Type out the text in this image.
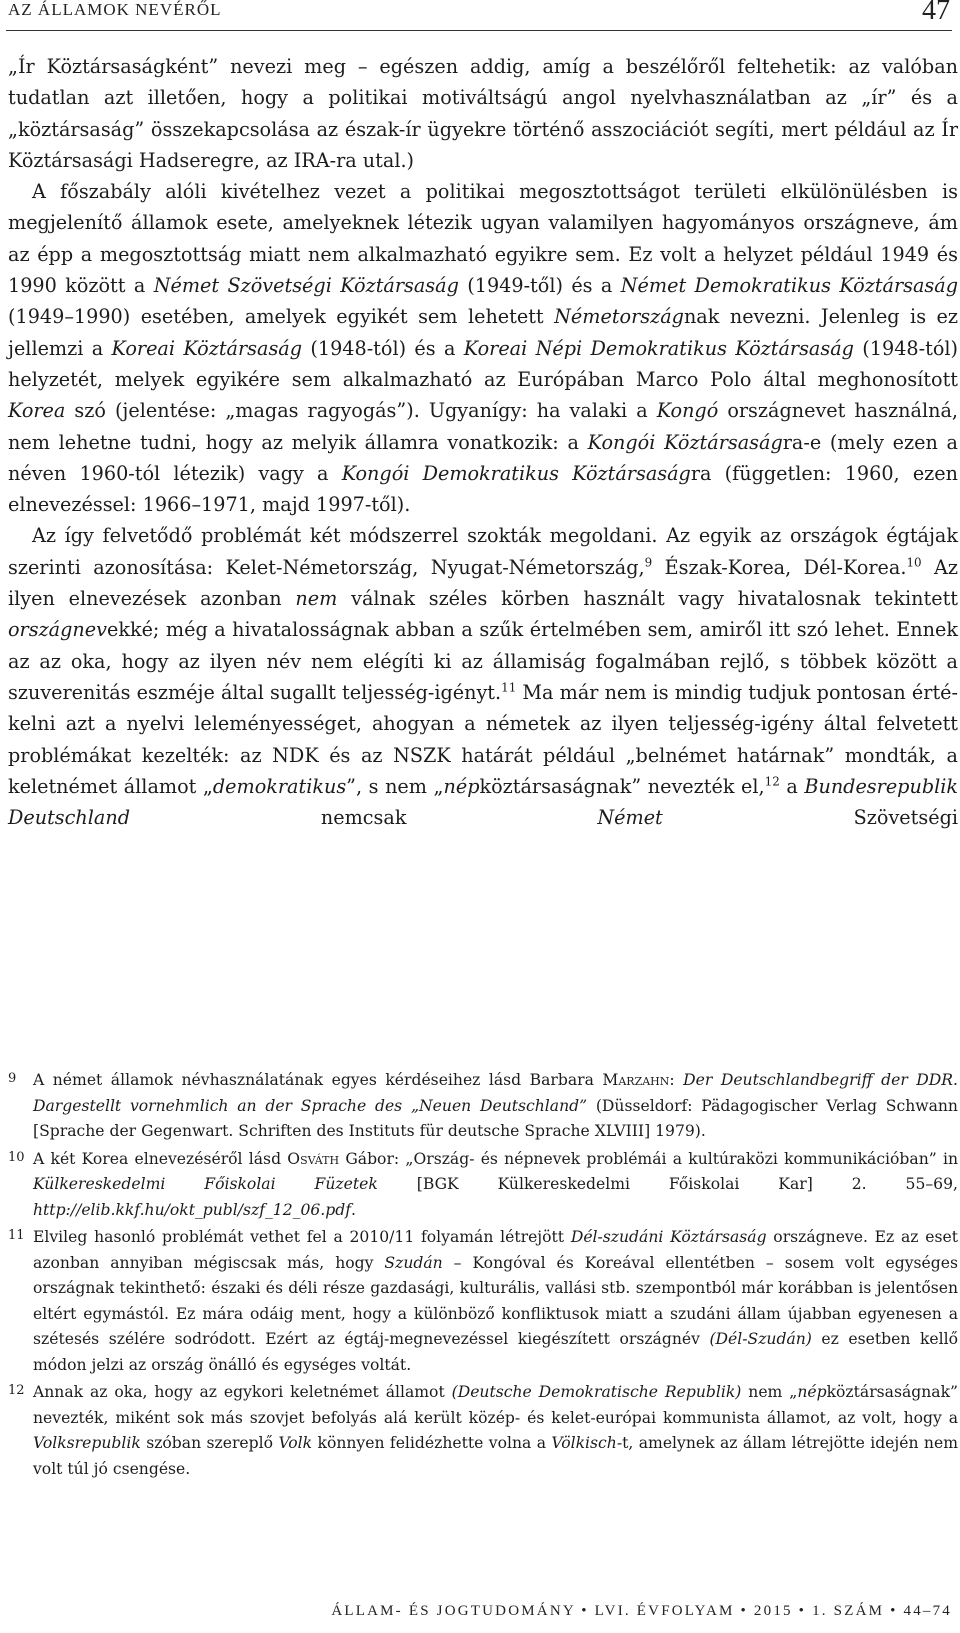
AZ ÁLLAMOK NEVÉRŐL	47

„Ír Köztársaságként” nevezi meg – egészen addig, amíg a beszélőről feltehetik: az valóban tudatlan azt illetően, hogy a politikai motiváltságú angol nyelvhasználatban az „ír” és a „köztársaság” összekapcsolása az észak-ír ügyekre történő asszociációt segíti, mert például az Ír Köztársasági Hadseregre, az IRA-ra utal.)

A főszabály alóli kivételhez vezet a politikai megosztottságot területi elkülönülésben is megjelenítő államok esete, amelyeknek létezik ugyan valamilyen hagyományos országneve, ám az épp a megosztottság miatt nem alkalmazható egyikre sem. Ez volt a helyzet például 1949 és 1990 között a Német Szövetségi Köztársaság (1949-től) és a Német Demokratikus Köztársaság (1949–1990) esetében, amelyek egyikét sem lehetett Németországnak nevezni. Jelenleg is ez jellemzi a Koreai Köztársaság (1948-tól) és a Koreai Népi Demokratikus Köztársaság (1948-tól) helyzetét, melyek egyikére sem alkalmazható az Európában Marco Polo által meghonosított Korea szó (jelentése: „magas ragyogás”). Ugyanígy: ha valaki a Kongó országnevet használná, nem lehetne tudni, hogy az melyik államra vonatkozik: a Kongói Köztársaságra-e (mely ezen a néven 1960-tól létezik) vagy a Kongói Demokratikus Köztársaságra (független: 1960, ezen elnevezéssel: 1966–1971, majd 1997-től).

Az így felvetődő problémát két módszerrel szokták megoldani. Az egyik az országok égtájak szerinti azonosítása: Kelet-Németország, Nyugat-Németország,$^9$ Észak-Korea, Dél-Korea.$^{10}$ Az ilyen elnevezések azonban nem válnak széles körben használt vagy hivatalosnak tekintett országnevekké; még a hivatalosságnak abban a szűk értelmében sem, amiről itt szó lehet. Ennek az az oka, hogy az ilyen név nem elégíti ki az államiság fogalmában rejlő, s többek között a szuverenitás eszméje által sugallt teljesség-igényt.$^{11}$ Ma már nem is mindig tudjuk pontosan értékelni azt a nyelvi leleményességet, ahogyan a németek az ilyen teljesség-igény által felvetett problémákat kezelték: az NDK és az NSZK határát például „belnémet határnak” mondták, a keletnémet államot „demokratikus”, s nem „népköztársaságnak” nevezték el,$^{12}$ a Bundesrepublik Deutschland nemcsak Német Szövetségi

9 A német államok névhasználatának egyes kérdéseihez lásd Barbara Marzahn: Der Deutschlandbegriff der DDR. Dargestellt vornehmlich an der Sprache des „Neuen Deutschland” (Düsseldorf: Pädagogischer Verlag Schwann [Sprache der Gegenwart. Schriften des Instituts für deutsche Sprache XLVIII] 1979).
10 A két Korea elnevezéséről lásd Osváth Gábor: „Ország- és népnevek problémái a kultúraközi kommunikációban” in Külkereskedelmi Főiskolai Füzetek [BGK Külkereskedelmi Főiskolai Kar] 2. 55–69, http://elib.kkf.hu/okt_publ/szf_12_06.pdf.
11 Elvileg hasonló problémát vethet fel a 2010/11 folyamán létrejött Dél-szudáni Köztársaság országneve. Ez az eset azonban annyiban mégiscsak más, hogy Szudán – Kongóval és Koreával ellentétben – sosem volt egységes országnak tekinthető: északi és déli része gazdasági, kulturális, vallási stb. szempontból már korábban is jelentősen eltért egymástól. Ez mára odáig ment, hogy a különböző konfliktusok miatt a szudáni állam újabban egyenesen a szétesés szélére sodródott. Ezért az égtáj-megnevezéssel kiegészített országnév (Dél-Szudán) ez esetben kellő módon jelzi az ország önálló és egységes voltát.
12 Annak az oka, hogy az egykori keletnémet államot (Deutsche Demokratische Republik) nem „népköztársaságnak” nevezték, miként sok más szovjet befolyás alá került közép- és kelet-európai kommunista államot, az volt, hogy a Volksrepublik szóban szereplő Volk könnyen felidézhette volna a Völkisch-t, amelynek az állam létrejötte idején nem volt túl jó csengése.
ÁLLAM- ÉS JOGTUDOMÁNY • LVI. ÉVFOLYAM • 2015 • 1. SZÁM • 44–74
